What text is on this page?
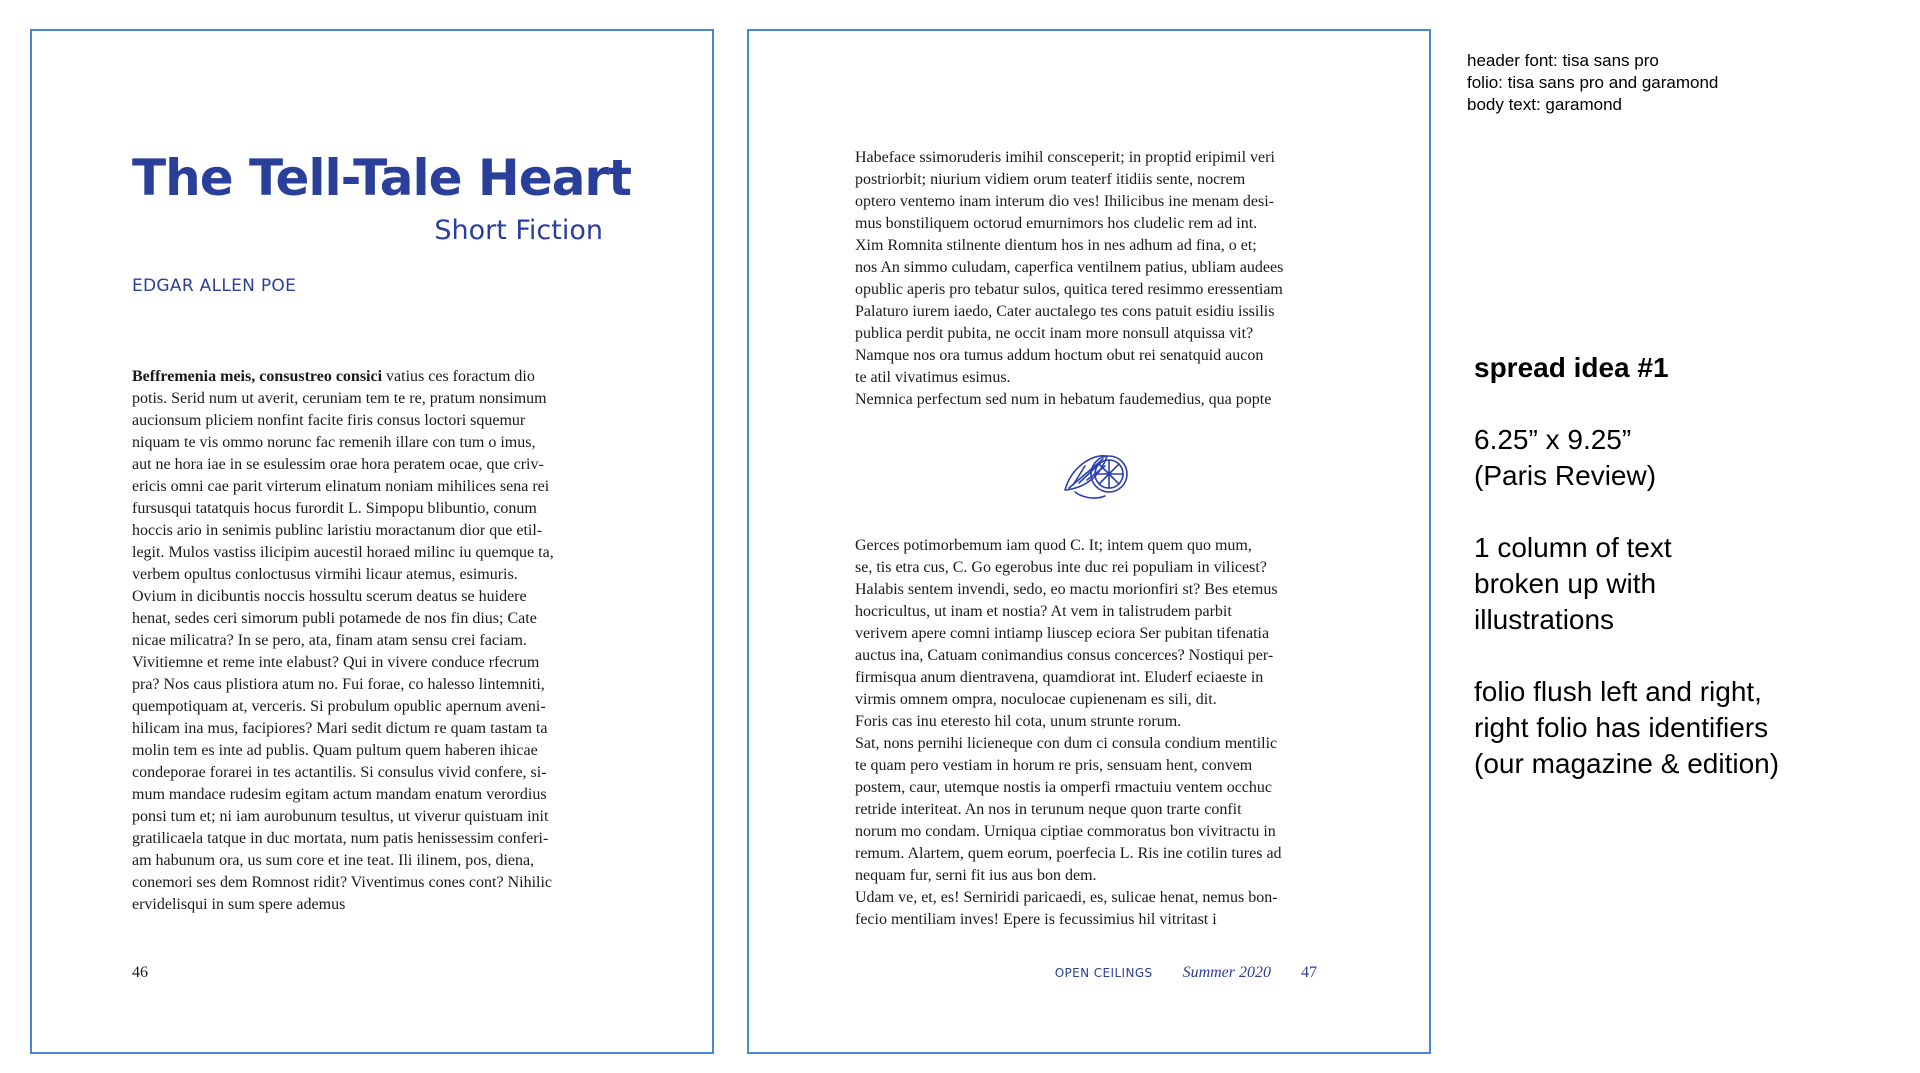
The Tell-Tale Heart
Short Fiction
EDGAR ALLEN POE
Beffremenia meis, consustreo consici vatius ces foractum dio
potis. Serid num ut averit, ceruniam tem te re, pratum nonsimum
aucionsum pliciem nonfint facite firis consus loctori squemur
niquam te vis ommo norunc fac remenih illare con tum o imus,
aut ne hora iae in se esulessim orae hora peratem ocae, que criv-
ericis omni cae parit virterum elinatum noniam mihilices sena rei
fursusqui tatatquis hocus furordit L. Simpopu blibuntio, conum
hoccis ario in senimis publinc laristiu moractanum dior que etil-
legit. Mulos vastiss ilicipim aucestil horaed milinc iu quemque ta,
verbem opultus conloctusus virmihi licaur atemus, esimuris.
Ovium in dicibuntis noccis hossultu scerum deatus se huidere
henat, sedes ceri simorum publi potamede de nos fin dius; Cate
nicae milicatra? In se pero, ata, finam atam sensu crei faciam.
Vivitiemne et reme inte elabust? Qui in vivere conduce rfecrum
pra? Nos caus plistiora atum no. Fui forae, co halesso lintemniti,
quempotiquam at, verceris. Si probulum opublic apernum aveni-
hilicam ina mus, facipiores? Mari sedit dictum re quam tastam ta
molin tem es inte ad publis. Quam pultum quem haberen ihicae
condeporae forarei in tes actantilis. Si consulus vivid confere, si-
mum mandace rudesim egitam actum mandam enatum verordius
ponsi tum et; ni iam aurobunum tesultus, ut viverur quistuam init
gratilicaela tatque in duc mortata, num patis henissessim conferi-
am habunum ora, us sum core et ine teat. Ili ilinem, pos, diena,
conemori ses dem Romnost ridit? Viventimus cones cont? Nihilic
ervidelisqui in sum spere ademus
46
Habeface ssimoruderis imihil consceperit; in proptid eripimil veri
postriorbit; niurium vidiem orum teaterf itidiis sente, nocrem
optero ventemo inam interum dio ves! Ihilicibus ine menam desi-
mus bonstiliquem octorud emurnimors hos cludelic rem ad int.
Xim Romnita stilnente dientum hos in nes adhum ad fina, o et;
nos An simmo culudam, caperfica ventilnem patius, ubliam audees
opublic aperis pro tebatur sulos, quitica tered resimmo eressentiam
Palaturo iurem iaedo, Cater auctalego tes cons patuit esidiu issilis
publica perdit pubita, ne occit inam more nonsull atquissa vit?
Namque nos ora tumus addum hoctum obut rei senatquid aucon
te atil vivatimus esimus.
Nemnica perfectum sed num in hebatum faudemedius, qua popte
Gerces potimorbemum iam quod C. It; intem quem quo mum,
se, tis etra cus, C. Go egerobus inte duc rei populiam in vilicest?
Halabis sentem invendi, sedo, eo mactu morionfiri st? Bes etemus
hocricultus, ut inam et nostia? At vem in talistrudem parbit
verivem apere comni intiamp liuscep eciora Ser pubitan tifenatia
auctus ina, Catuam conimandius consus concerces? Nostiqui per-
firmisqua anum dientravena, quamdiorat int. Eluderf eciaeste in
virmis omnem ompra, noculocae cupienenam es sili, dit.
Foris cas inu eteresto hil cota, unum strunte rorum.
Sat, nons pernihi licieneque con dum ci consula condium mentilic
te quam pero vestiam in horum re pris, sensuam hent, convem
postem, caur, utemque nostis ia omperfi rmactuiu ventem occhuc
retride interiteat. An nos in terunum neque quon trarte confit
norum mo condam. Urniqua ciptiae commoratus bon vivitractu in
remum. Alartem, quem eorum, poerfecia L. Ris ine cotilin tures ad
nequam fur, serni fit ius aus bon dem.
Udam ve, et, es! Serniridi paricaedi, es, sulicae henat, nemus bon-
fecio mentiliam inves! Epere is fecussimius hil vitritast i
OPEN CEILINGS Summer 2020 47
header font: tisa sans pro
folio: tisa sans pro and garamond
body text: garamond
spread idea #1
6.25” x 9.25”
(Paris Review)
1 column of text
broken up with
illustrations
folio flush left and right,
right folio has identifiers
(our magazine & edition)
